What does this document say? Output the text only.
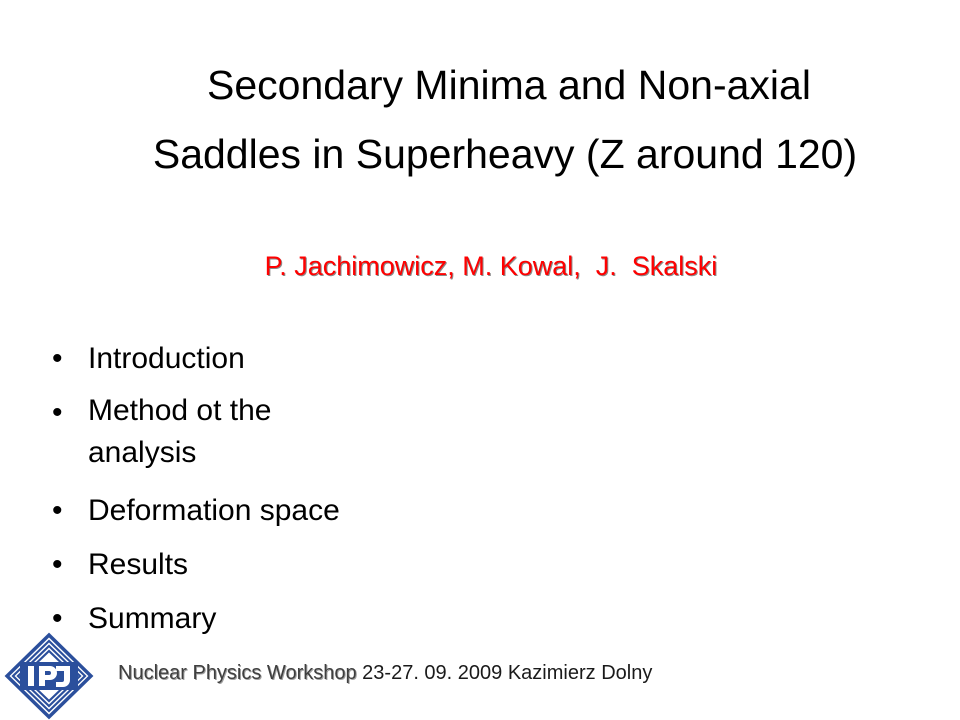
Secondary Minima and Non-axial
Saddles in Superheavy (Z around 120)
P. Jachimowicz, M. Kowal,  J.  Skalski
• Introduction
• Method ot the analysis
• Deformation space
• Results
• Summary
Nuclear Physics Workshop 23-27. 09. 2009 Kazimierz Dolny
